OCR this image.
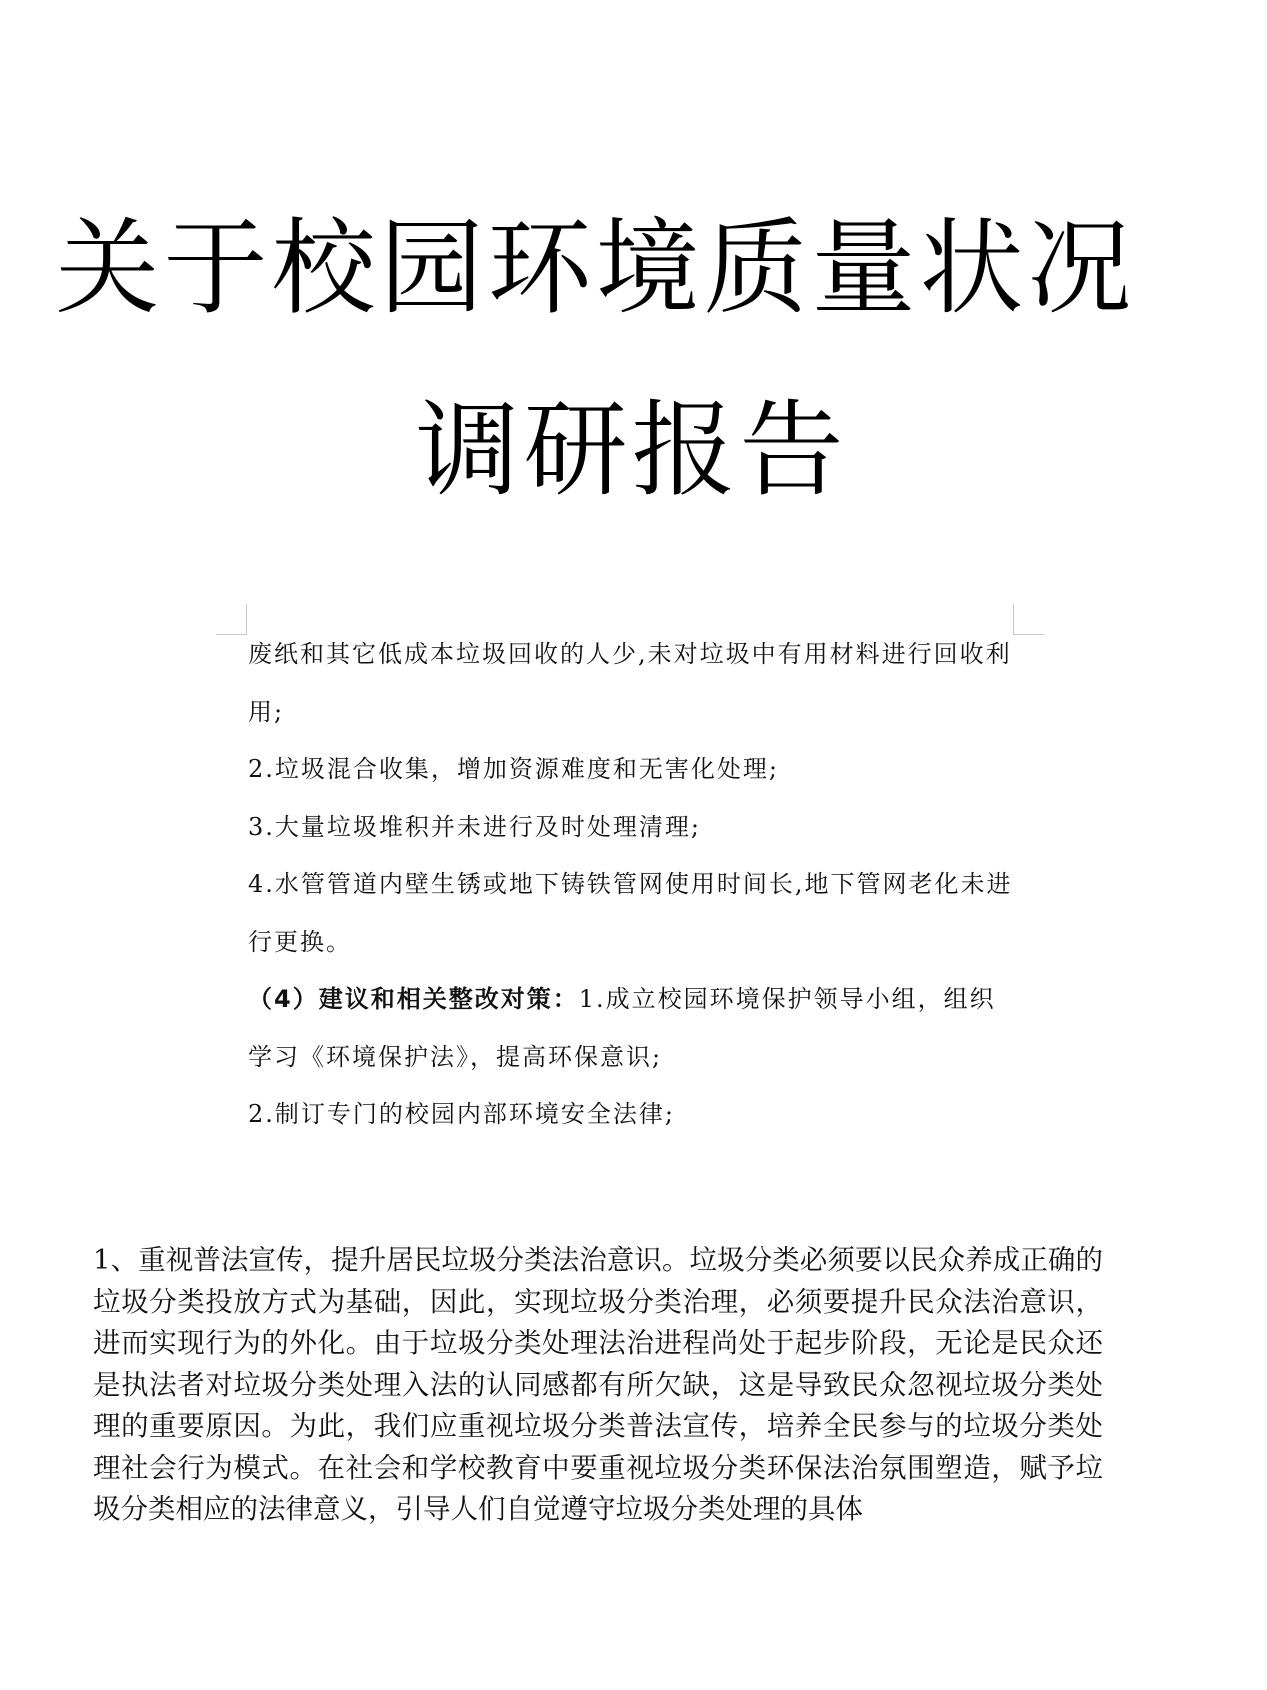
关于校园环境质量状况
调研报告

废纸和其它低成本垃圾回收的人少,未对垃圾中有用材料进行回收利

用;

2.垃圾混合收集，增加资源难度和无害化处理;

3.大量垃圾堆积并未进行及时处理清理;

4.水管管道内壁生锈或地下铸铁管网使用时间长,地下管网老化未进

行更换。

（4）建议和相关整改对策：1.成立校园环境保护领导小组，组织

学习《环境保护法》，提高环保意识;

2.制订专门的校园内部环境安全法律;

1、重视普法宣传，提升居民垃圾分类法治意识。垃圾分类必须要以民众养成正确的垃圾分类投放方式为基础，因此，实现垃圾分类治理，必须要提升民众法治意识，进而实现行为的外化。由于垃圾分类处理法治进程尚处于起步阶段，无论是民众还是执法者对垃圾分类处理入法的认同感都有所欠缺，这是导致民众忽视垃圾分类处理的重要原因。为此，我们应重视垃圾分类普法宣传，培养全民参与的垃圾分类处理社会行为模式。在社会和学校教育中要重视垃圾分类环保法治氛围塑造，赋予垃圾分类相应的法律意义，引导人们自觉遵守垃圾分类处理的具体
